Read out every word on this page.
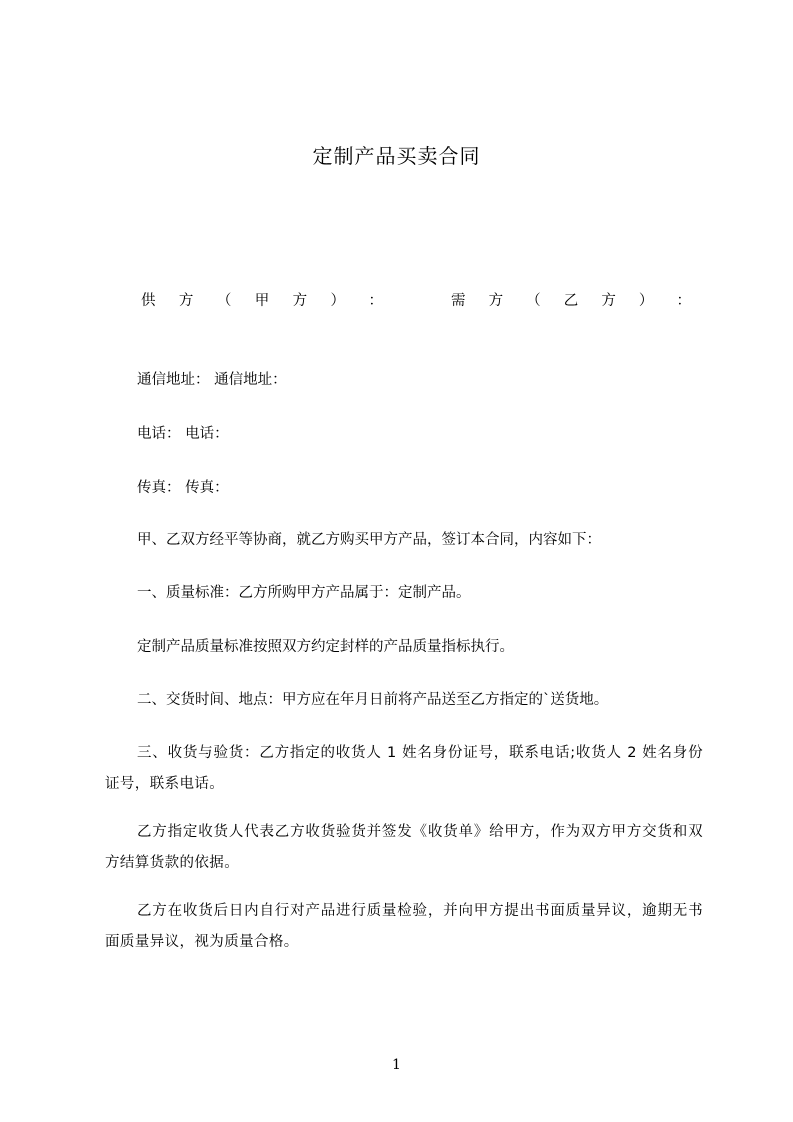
定制产品买卖合同
供 方 （ 甲 方 ） ：	需 方 （ 乙 方 ） ：
通信地址： 通信地址：
电话： 电话：
传真： 传真：
甲、乙双方经平等协商，就乙方购买甲方产品，签订本合同，内容如下：
一、质量标准：乙方所购甲方产品属于：定制产品。
定制产品质量标准按照双方约定封样的产品质量指标执行。
二、交货时间、地点：甲方应在年月日前将产品送至乙方指定的`送货地。
三、收货与验货：乙方指定的收货人 1 姓名身份证号，联系电话;收货人 2 姓名身份证号，联系电话。
乙方指定收货人代表乙方收货验货并签发《收货单》给甲方，作为双方甲方交货和双方结算货款的依据。
乙方在收货后日内自行对产品进行质量检验，并向甲方提出书面质量异议，逾期无书面质量异议，视为质量合格。
1
